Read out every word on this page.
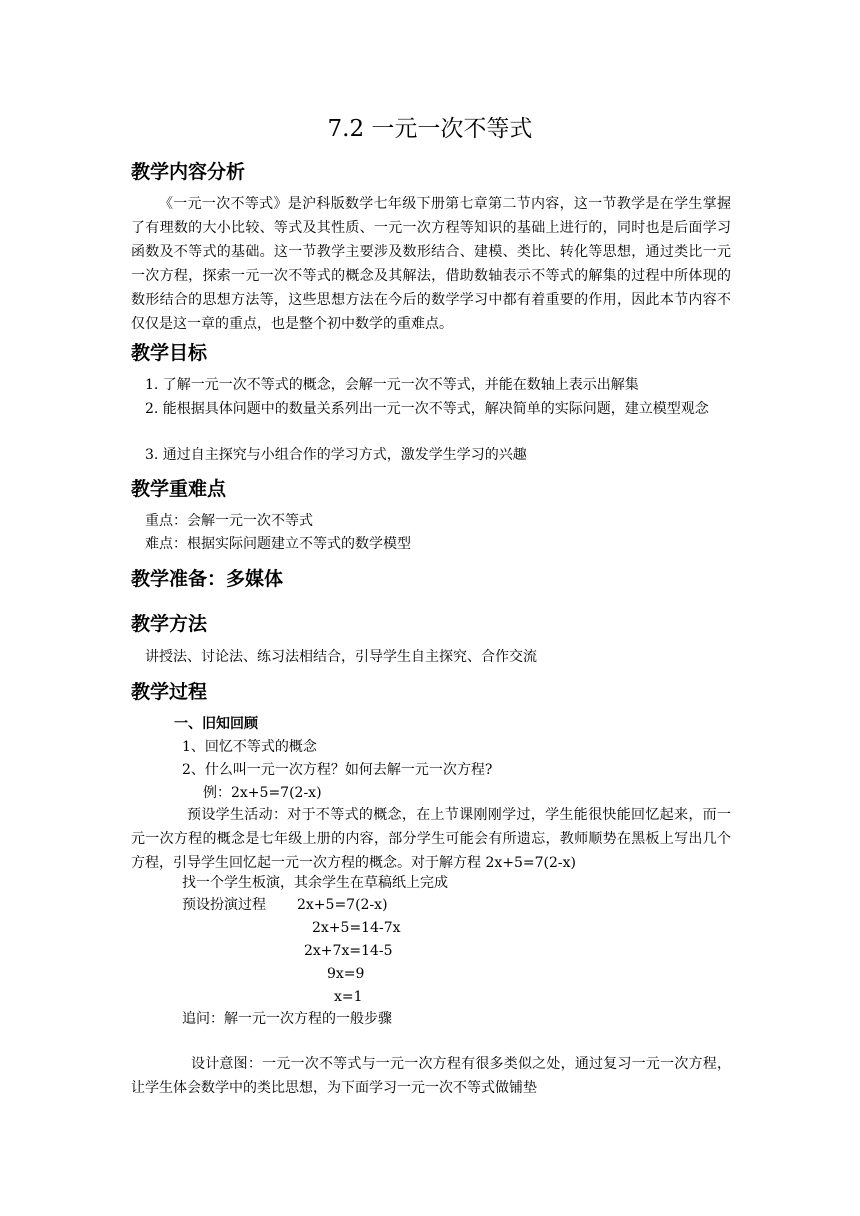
7.2 一元一次不等式
教学内容分析
《一元一次不等式》是沪科版数学七年级下册第七章第二节内容，这一节教学是在学生掌握了有理数的大小比较、等式及其性质、一元一次方程等知识的基础上进行的，同时也是后面学习函数及不等式的基础。这一节教学主要涉及数形结合、建模、类比、转化等思想，通过类比一元一次方程，探索一元一次不等式的概念及其解法，借助数轴表示不等式的解集的过程中所体现的数形结合的思想方法等，这些思想方法在今后的数学学习中都有着重要的作用，因此本节内容不仅仅是这一章的重点，也是整个初中数学的重难点。
教学目标
1. 了解一元一次不等式的概念，会解一元一次不等式，并能在数轴上表示出解集
2. 能根据具体问题中的数量关系列出一元一次不等式，解决简单的实际问题，建立模型观念
3. 通过自主探究与小组合作的学习方式，激发学生学习的兴趣
教学重难点
重点：会解一元一次不等式
难点：根据实际问题建立不等式的数学模型
教学准备：多媒体
教学方法
讲授法、讨论法、练习法相结合，引导学生自主探究、合作交流
教学过程
一、旧知回顾
1、回忆不等式的概念
2、什么叫一元一次方程？如何去解一元一次方程?
例：2x+5=7(2-x)
预设学生活动：对于不等式的概念，在上节课刚刚学过，学生能很快能回忆起来，而一元一次方程的概念是七年级上册的内容，部分学生可能会有所遗忘，教师顺势在黑板上写出几个方程，引导学生回忆起一元一次方程的概念。对于解方程 2x+5=7(2-x)
找一个学生板演，其余学生在草稿纸上完成
预设扮演过程 2x+5=7(2-x)
2x+5=14-7x
2x+7x=14-5
9x=9
x=1
追问：解一元一次方程的一般步骤
设计意图：一元一次不等式与一元一次方程有很多类似之处，通过复习一元一次方程，让学生体会数学中的类比思想，为下面学习一元一次不等式做铺垫
